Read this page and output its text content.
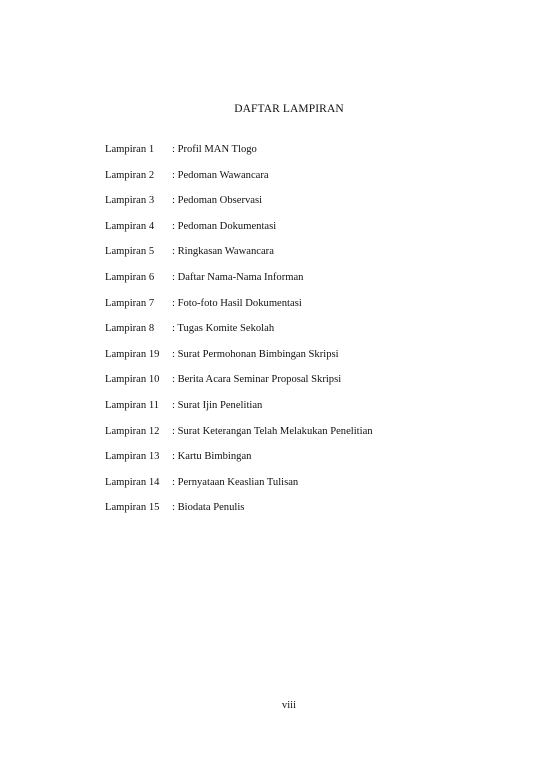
DAFTAR LAMPIRAN
Lampiran 1	: Profil MAN Tlogo
Lampiran 2	: Pedoman Wawancara
Lampiran 3	: Pedoman Observasi
Lampiran 4	: Pedoman Dokumentasi
Lampiran 5	: Ringkasan Wawancara
Lampiran 6	: Daftar Nama-Nama Informan
Lampiran 7	: Foto-foto Hasil Dokumentasi
Lampiran 8	: Tugas Komite Sekolah
Lampiran 19	: Surat Permohonan Bimbingan Skripsi
Lampiran 10	: Berita Acara Seminar Proposal Skripsi
Lampiran 11	: Surat Ijin Penelitian
Lampiran 12	: Surat Keterangan Telah Melakukan Penelitian
Lampiran 13	: Kartu Bimbingan
Lampiran 14	: Pernyataan Keaslian Tulisan
Lampiran 15	: Biodata Penulis
viii
